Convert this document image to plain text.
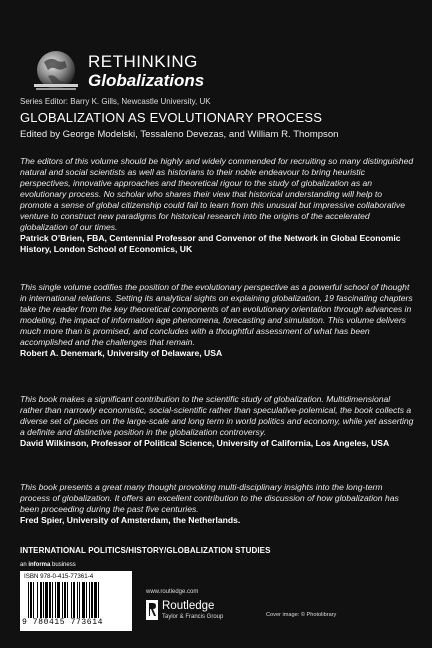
RETHINKING
Globalizations
Series Editor: Barry K. Gills, Newcastle University, UK
GLOBALIZATION AS EVOLUTIONARY PROCESS
Edited by George Modelski, Tessaleno Devezas, and William R. Thompson
The editors of this volume should be highly and widely commended for recruiting so many distinguished natural and social scientists as well as historians to their noble endeavour to bring heuristic perspectives, innovative approaches and theoretical rigour to the study of globalization as an evolutionary process. No scholar who shares their view that historical understanding will help to promote a sense of global citizenship could fail to learn from this unusual but impressive collaborative venture to construct new paradigms for historical research into the origins of the accelerated globalization of our times.
Patrick O’Brien, FBA, Centennial Professor and Convenor of the Network in Global Economic History, London School of Economics, UK
This single volume codifies the position of the evolutionary perspective as a powerful school of thought in international relations. Setting its analytical sights on explaining globalization, 19 fascinating chapters take the reader from the key theoretical components of an evolutionary orientation through advances in modeling, the impact of information age phenomena, forecasting and simulation. This volume delivers much more than is promised, and concludes with a thoughtful assessment of what has been accomplished and the challenges that remain.
Robert A. Denemark, University of Delaware, USA
This book makes a significant contribution to the scientific study of globalization. Multidimensional rather than narrowly economistic, social-scientific rather than speculative-polemical, the book collects a diverse set of pieces on the large-scale and long term in world politics and economy, while yet asserting a definite and distinctive position in the globalization controversy.
David Wilkinson, Professor of Political Science, University of California, Los Angeles, USA
This book presents a great many thought provoking multi-disciplinary insights into the long-term process of globalization. It offers an excellent contribution to the discussion of how globalization has been proceeding during the past five centuries.
Fred Spier, University of Amsterdam, the Netherlands.
INTERNATIONAL POLITICS/HISTORY/GLOBALIZATION STUDIES
an informa business
ISBN 978-0-415-77361-4
9 780415 773614
www.routledge.com
Routledge
Taylor & Francis Group	Cover image: © Photolibrary
